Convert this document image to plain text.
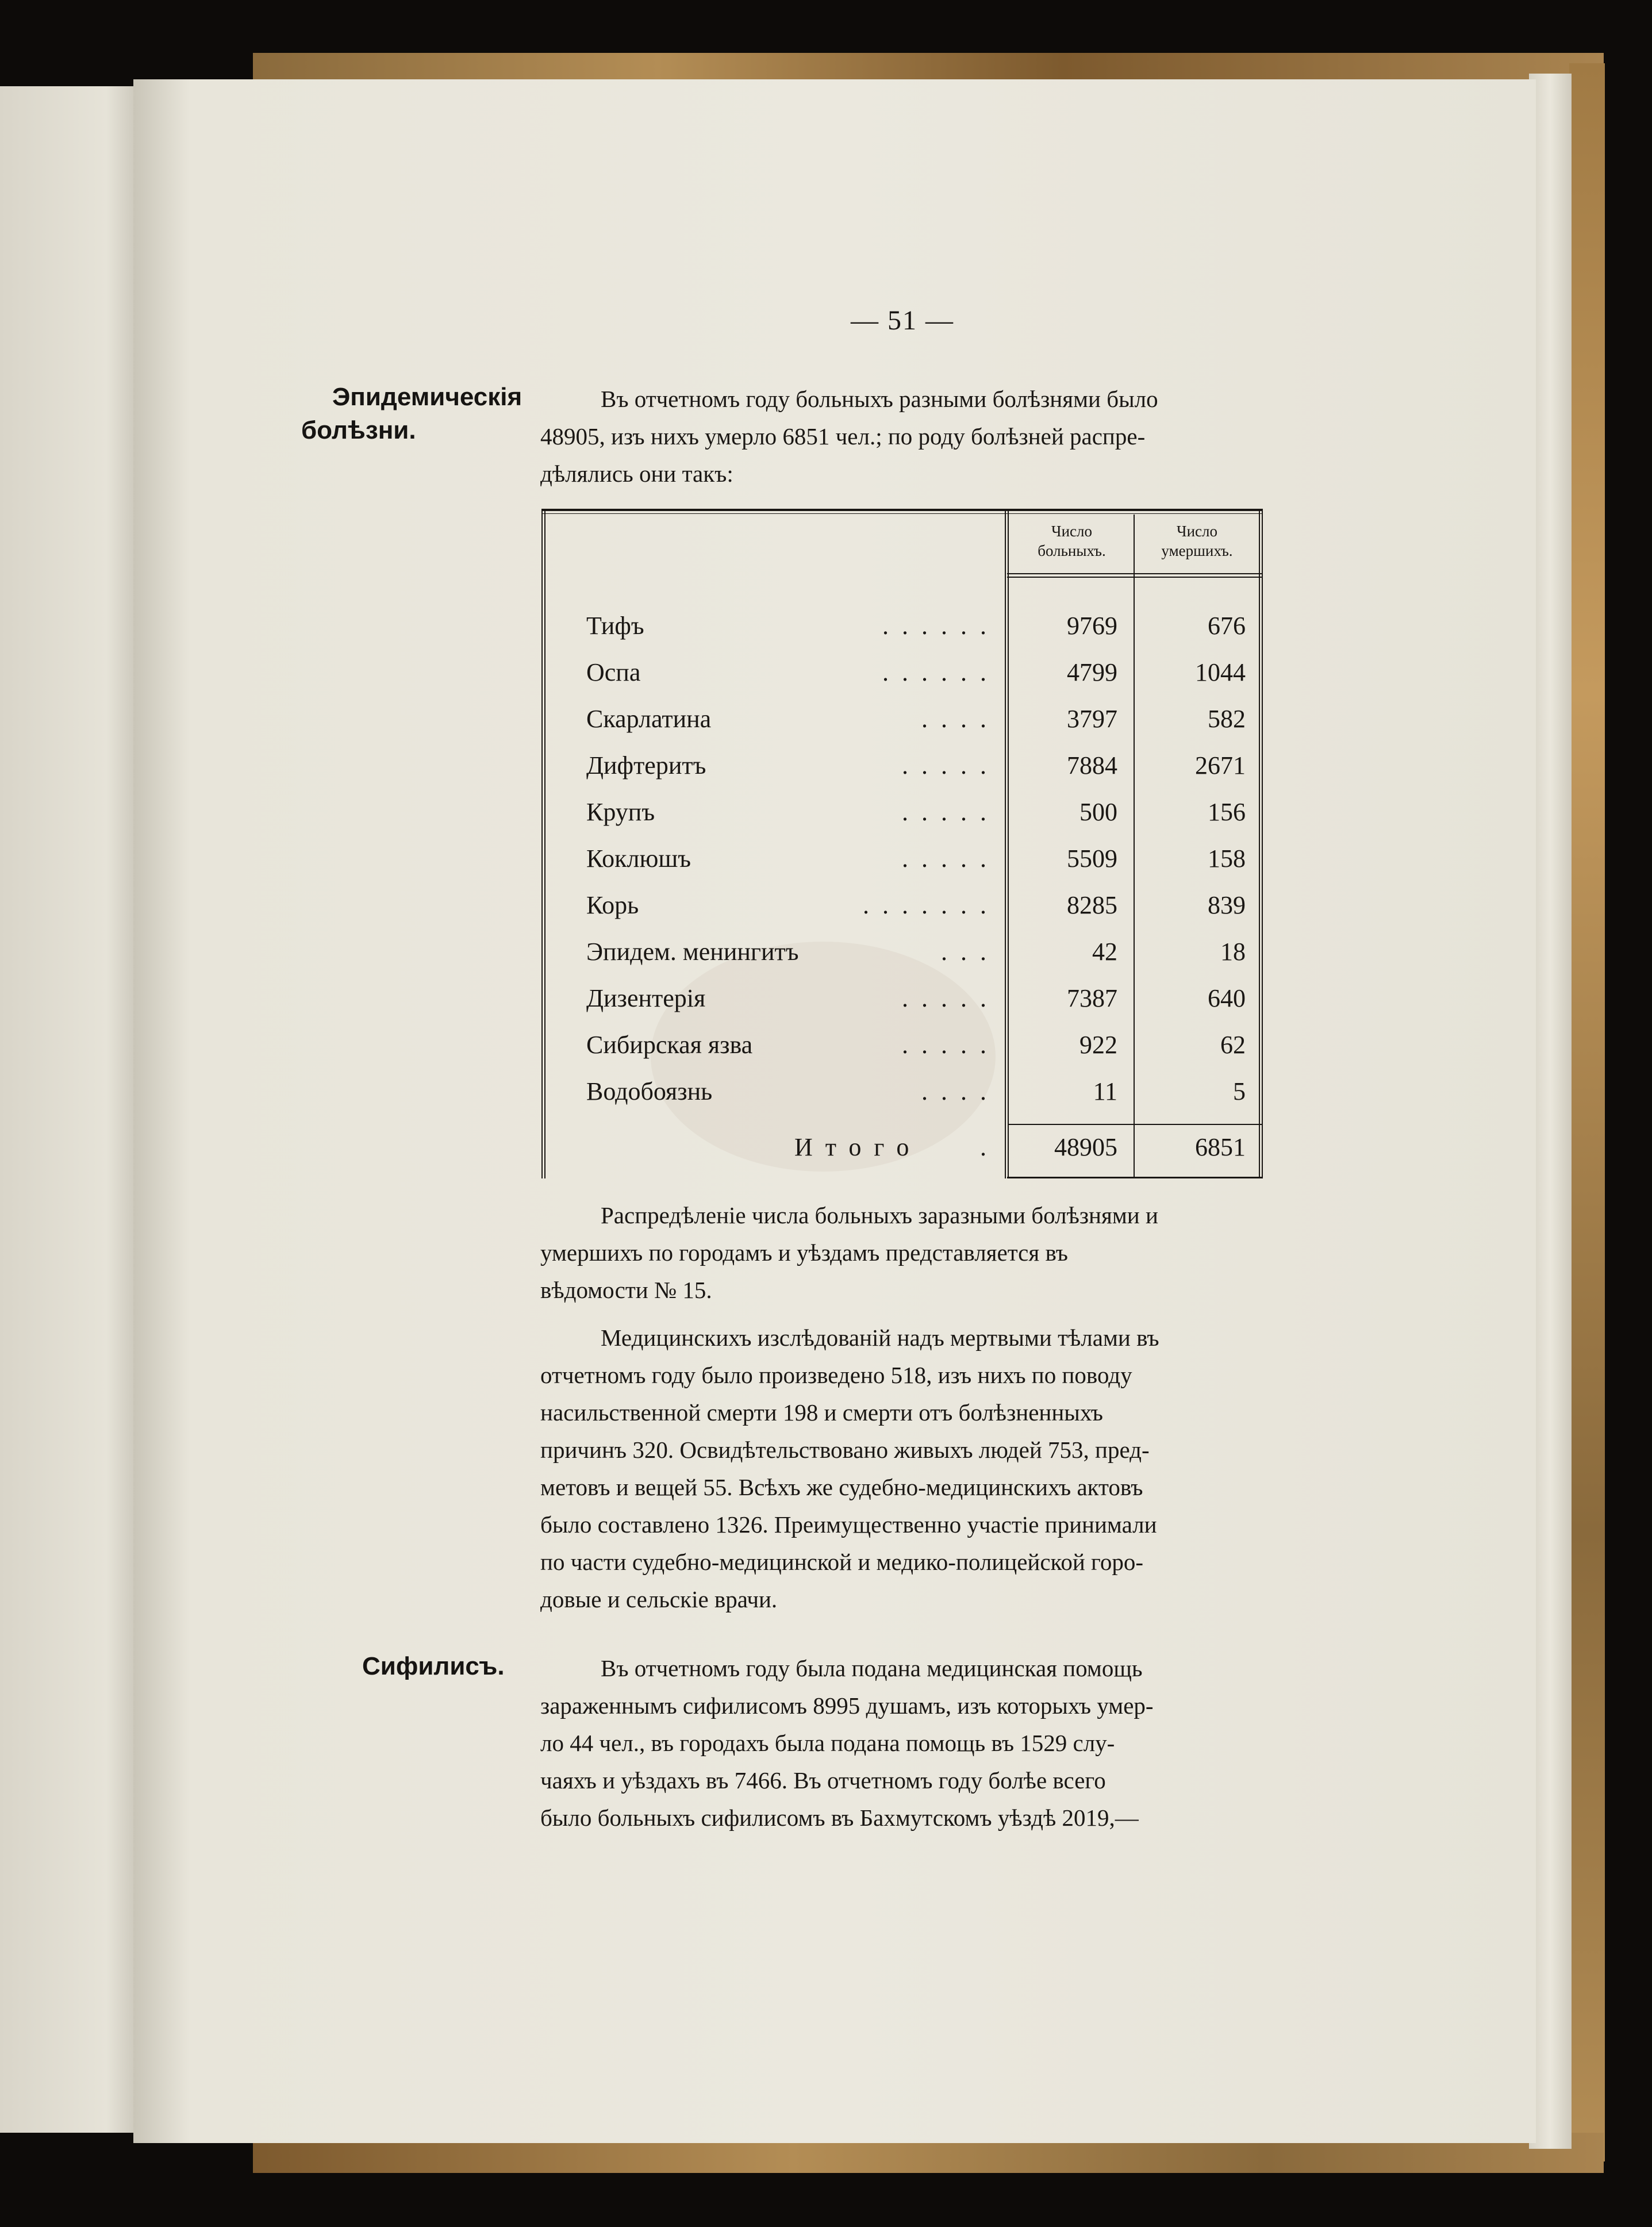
— 51 —
Эпидемическія
болѣзни.
Сифилисъ.
Въ отчетномъ году больныхъ разными болѣзнями было
48905, изъ нихъ умерло 6851 чел.; по роду болѣзней распре-
дѣлялись они такъ:
Число
больныхъ.
Число
умершихъ.
Тифъ	. . . . . .	9769	676
Оспа	. . . . . .	4799	1044
Скарлатина	. . . .	3797	582
Дифтеритъ	. . . . .	7884	2671
Крупъ	. . . . .	500	156
Коклюшъ	. . . . .	5509	158
Корь	. . . . . . .	8285	839
Эпидем. менингитъ	. . .	42	18
Дизентерія	. . . . .	7387	640
Сибирская язва	. . . . .	922	62
Водобоязнь	. . . .	11	5
Итого	.	48905	6851
Распредѣленіе числа больныхъ заразными болѣзнями и
умершихъ по городамъ и уѣздамъ представляется въ
вѣдомости № 15.
Медицинскихъ изслѣдованій надъ мертвыми тѣлами въ
отчетномъ году было произведено 518, изъ нихъ по поводу
насильственной смерти 198 и смерти отъ болѣзненныхъ
причинъ 320. Освидѣтельствовано живыхъ людей 753, пред-
метовъ и вещей 55. Всѣхъ же судебно-медицинскихъ актовъ
было составлено 1326. Преимущественно участіе принимали
по части судебно-медицинской и медико-полицейской горо-
довые и сельскіе врачи.
Въ отчетномъ году была подана медицинская помощь
зараженнымъ сифилисомъ 8995 душамъ, изъ которыхъ умер-
ло 44 чел., въ городахъ была подана помощь въ 1529 слу-
чаяхъ и уѣздахъ въ 7466. Въ отчетномъ году болѣе всего
было больныхъ сифилисомъ въ Бахмутскомъ уѣздѣ 2019,—
